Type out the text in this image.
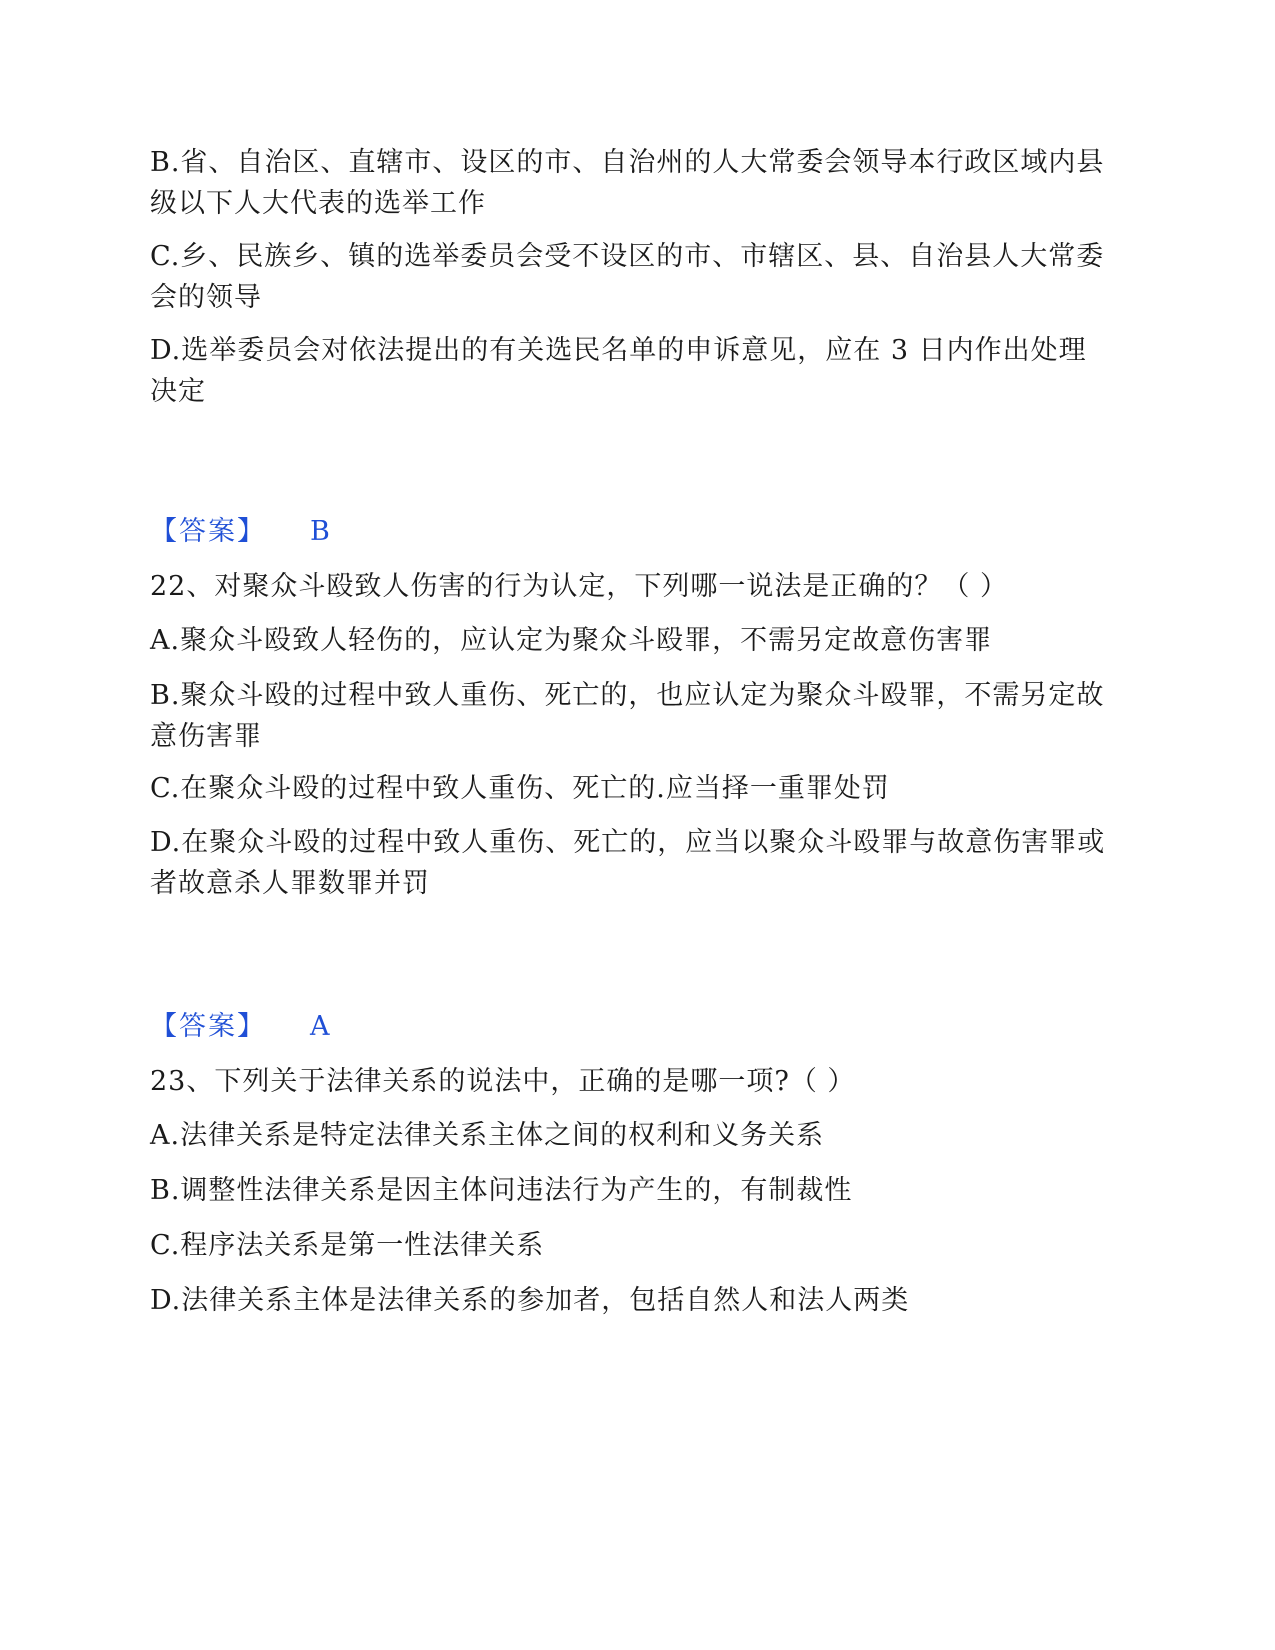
B.省、自治区、直辖市、设区的市、自治州的人大常委会领导本行政区域内县级以下人大代表的选举工作
C.乡、民族乡、镇的选举委员会受不设区的市、市辖区、县、自治县人大常委会的领导
D.选举委员会对依法提出的有关选民名单的申诉意见，应在 3 日内作出处理决定
【答案】 B
22、对聚众斗殴致人伤害的行为认定，下列哪一说法是正确的？（ ）
A.聚众斗殴致人轻伤的，应认定为聚众斗殴罪，不需另定故意伤害罪
B.聚众斗殴的过程中致人重伤、死亡的，也应认定为聚众斗殴罪，不需另定故意伤害罪
C.在聚众斗殴的过程中致人重伤、死亡的.应当择一重罪处罚
D.在聚众斗殴的过程中致人重伤、死亡的，应当以聚众斗殴罪与故意伤害罪或者故意杀人罪数罪并罚
【答案】 A
23、下列关于法律关系的说法中，正确的是哪一项?（ ）
A.法律关系是特定法律关系主体之间的权利和义务关系
B.调整性法律关系是因主体问违法行为产生的，有制裁性
C.程序法关系是第一性法律关系
D.法律关系主体是法律关系的参加者，包括自然人和法人两类
